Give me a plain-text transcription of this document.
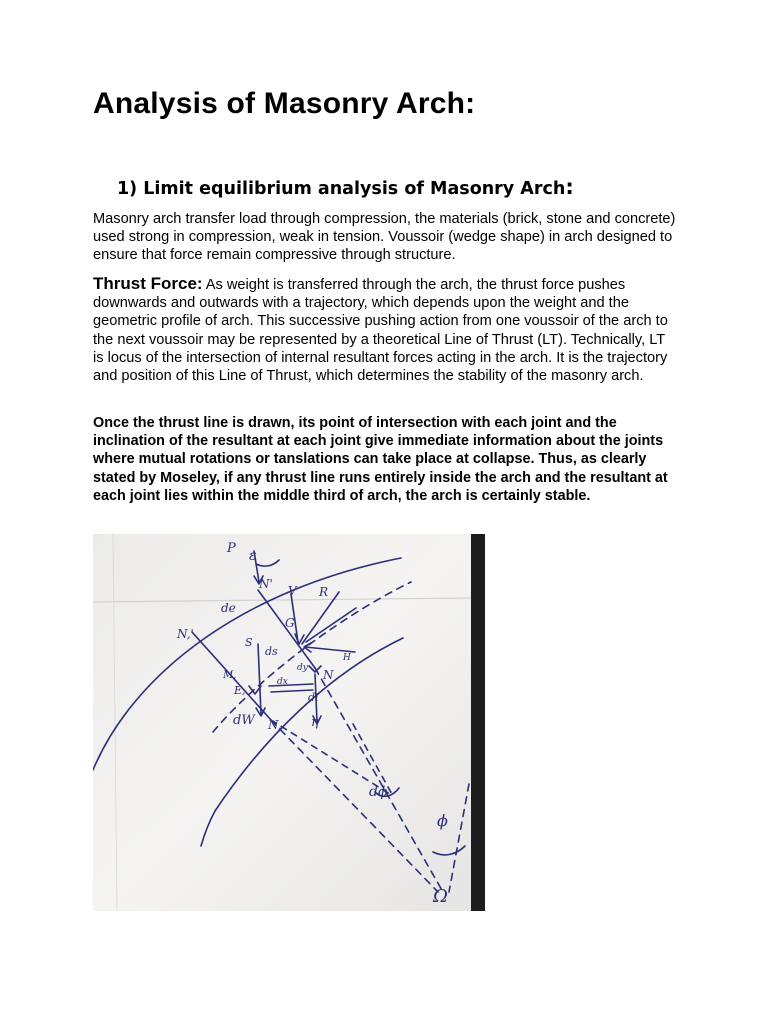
Analysis of Masonry Arch:
1) Limit equilibrium analysis of Masonry Arch:

Masonry arch transfer load through compression, the materials (brick, stone and concrete) used strong in compression, weak in tension. Voussoir (wedge shape) in arch designed to ensure that force remain compressive through structure.

Thrust Force: As weight is transferred through the arch, the thrust force pushes downwards and outwards with a trajectory, which depends upon the weight and the geometric profile of arch. This successive pushing action from one voussoir of the arch to the next voussoir may be represented by a theoretical Line of Thrust (LT). Technically, LT is locus of the intersection of internal resultant forces acting in the arch. It is the trajectory and position of this Line of Thrust, which determines the stability of the masonry arch.

Once the thrust line is drawn, its point of intersection with each joint and the inclination of the resultant at each joint give immediate information about the joints where mutual rotations or tanslations can take place at collapse. Thus, as clearly stated by Moseley, if any thrust line runs entirely inside the arch and the resultant at each joint lies within the middle third of arch, the arch is certainly stable.

P ε
N' V R
de
N,'
G
S
ds	H
M,
E,
dx
dy N
di
dW N, η
dϕ
ϕ
Ω
